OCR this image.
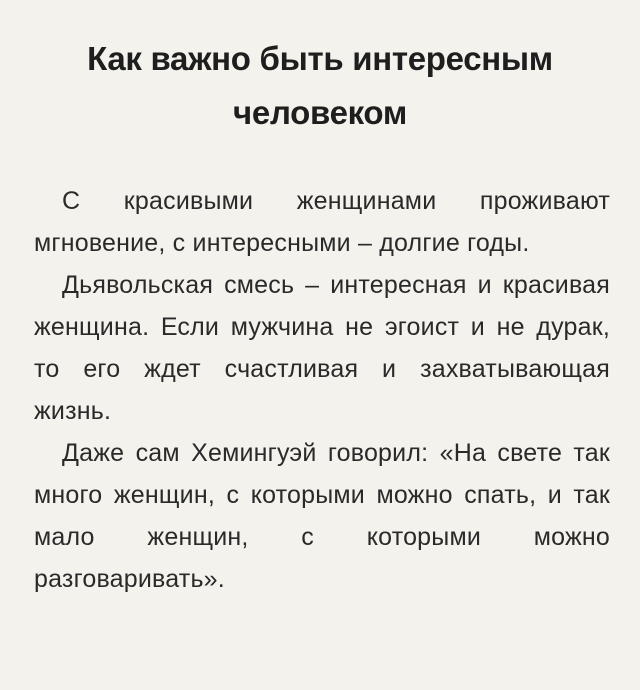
Как важно быть интересным
человеком

С красивыми женщинами проживают мгновение, с интересными – долгие годы.

Дьявольская смесь – интересная и красивая женщина. Если мужчина не эгоист и не дурак, то его ждет счастливая и захватывающая жизнь.

Даже сам Хемингуэй говорил: «На свете так много женщин, с которыми можно спать, и так мало женщин, с которыми можно разговаривать».
